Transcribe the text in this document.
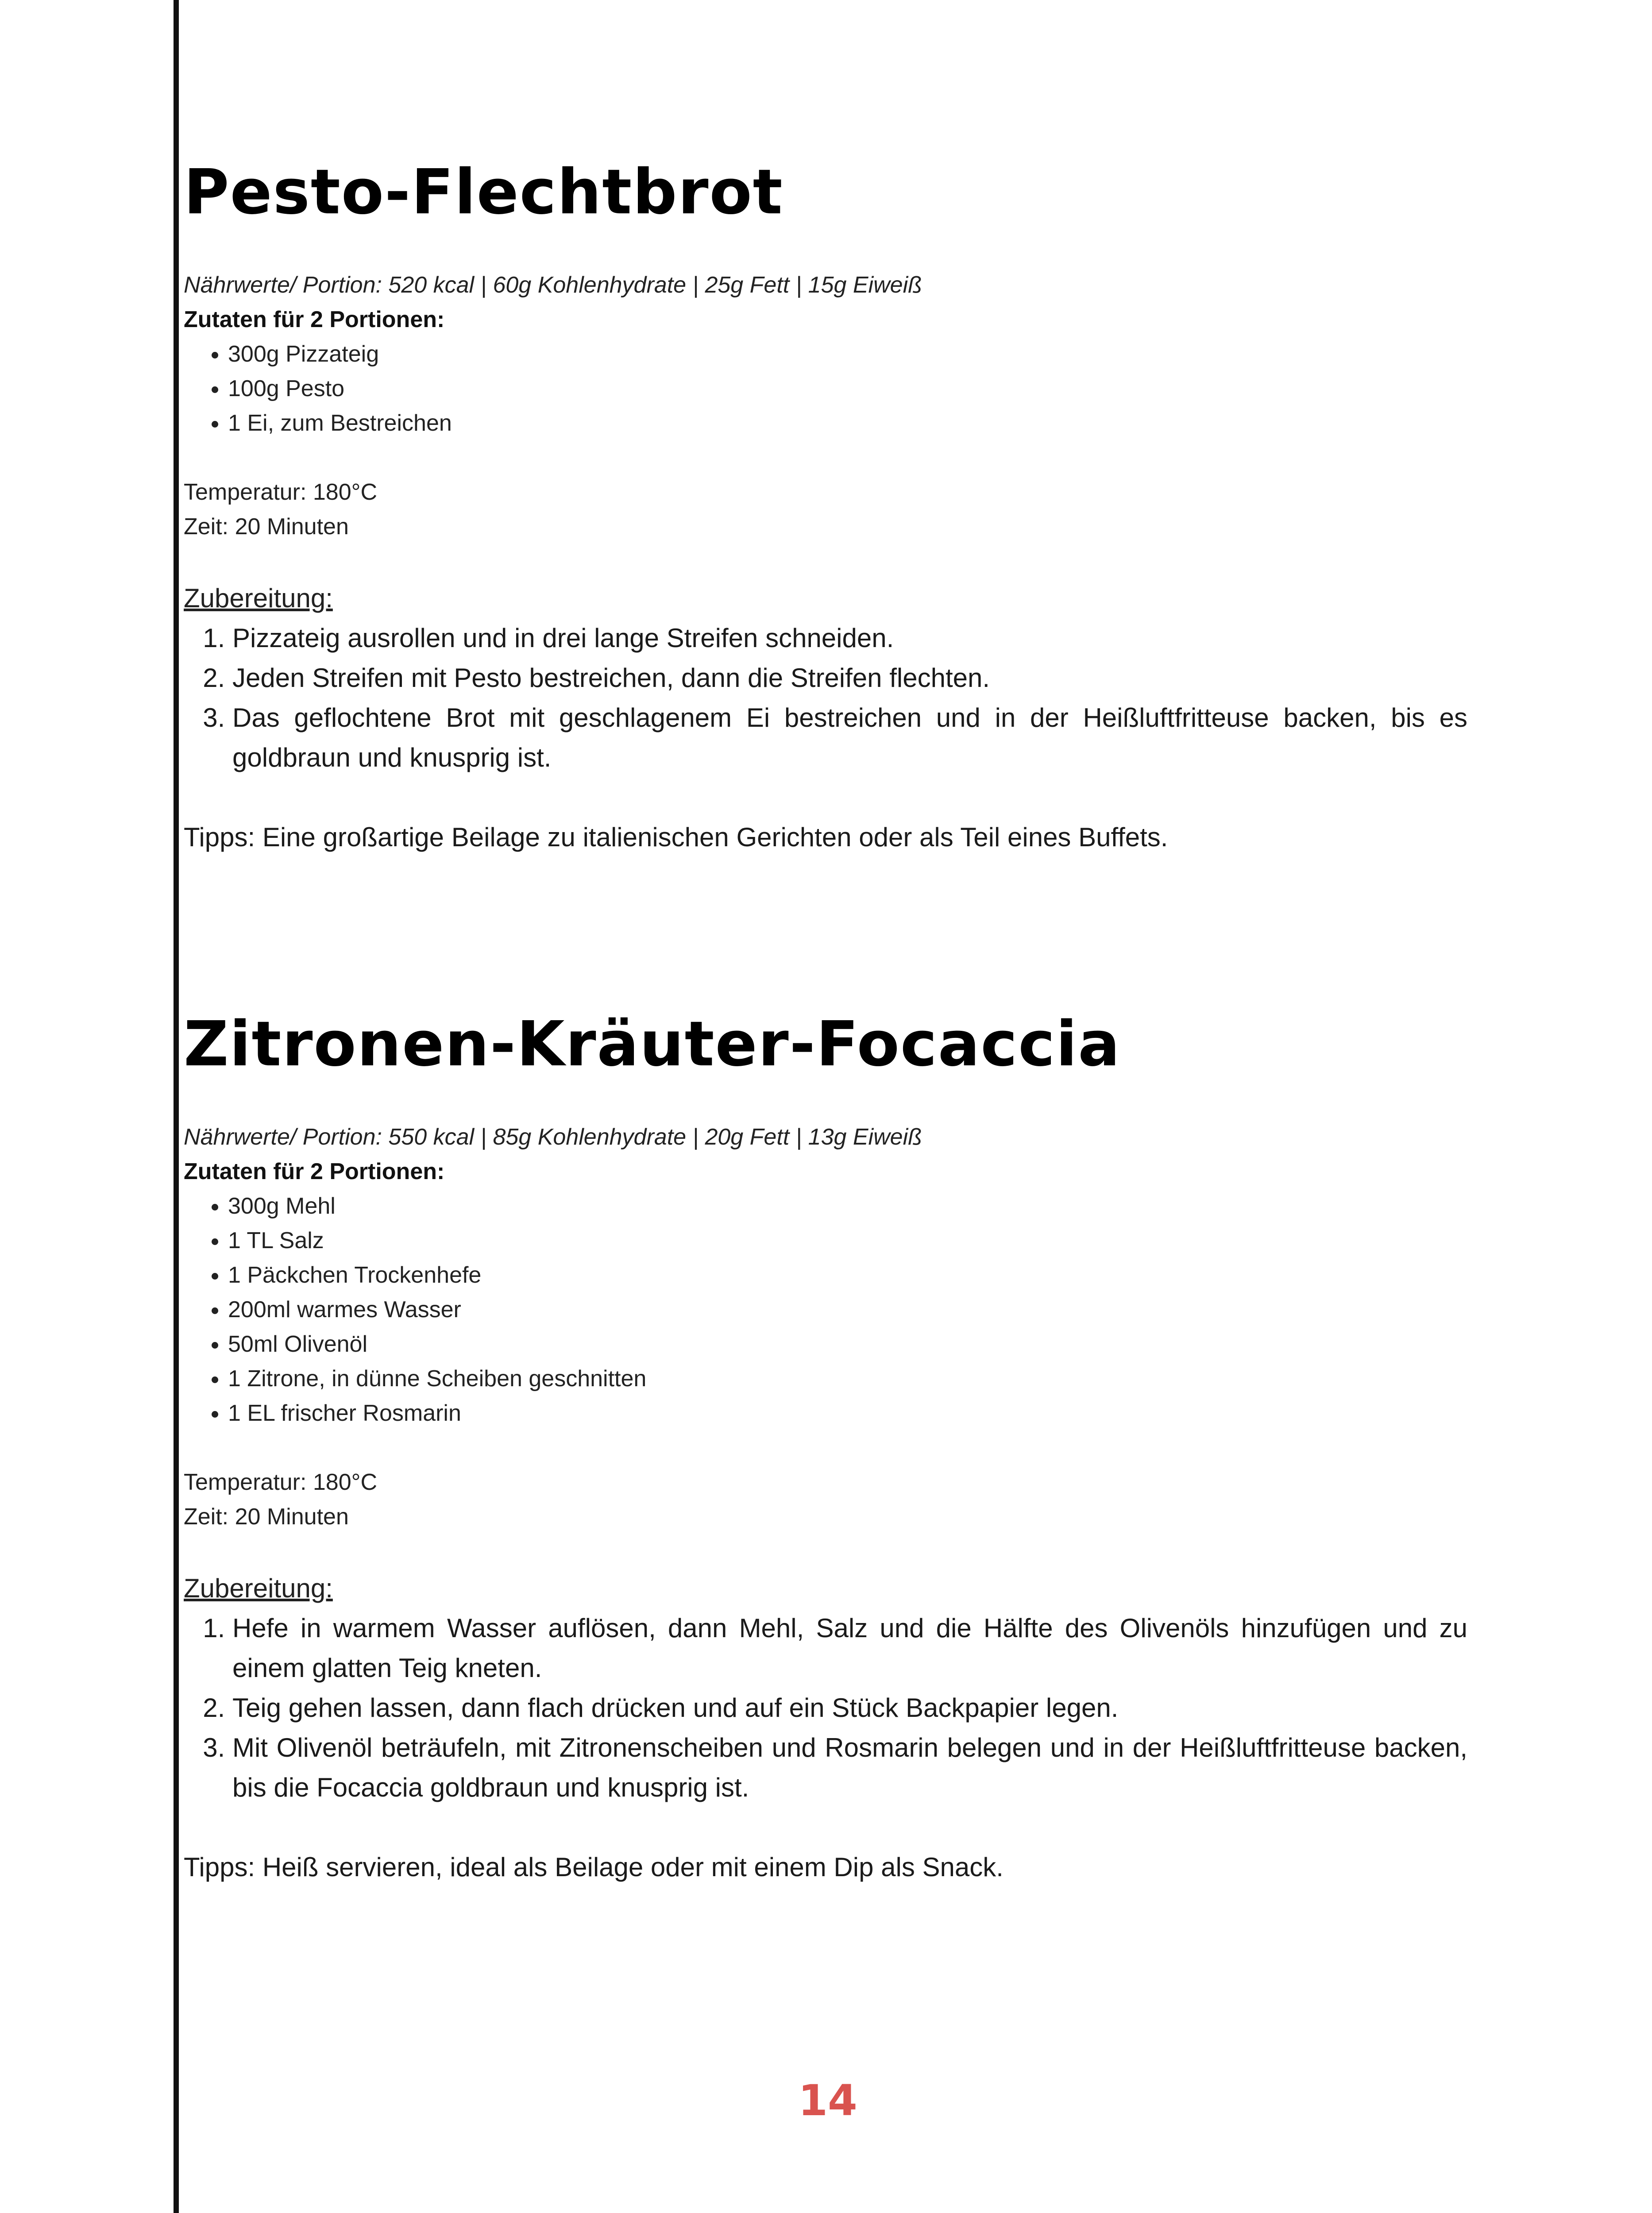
Pesto-Flechtbrot
Nährwerte/ Portion: 520 kcal | 60g Kohlenhydrate | 25g Fett | 15g Eiweiß
Zutaten für 2 Portionen:
• 300g Pizzateig
• 100g Pesto
• 1 Ei, zum Bestreichen
Temperatur: 180°C
Zeit: 20 Minuten
Zubereitung:
1. Pizzateig ausrollen und in drei lange Streifen schneiden.
2. Jeden Streifen mit Pesto bestreichen, dann die Streifen flechten.
3. Das geflochtene Brot mit geschlagenem Ei bestreichen und in der Heißluftfritteuse backen, bis es goldbraun und knusprig ist.
Tipps: Eine großartige Beilage zu italienischen Gerichten oder als Teil eines Buffets.
Zitronen-Kräuter-Focaccia
Nährwerte/ Portion: 550 kcal | 85g Kohlenhydrate | 20g Fett | 13g Eiweiß
Zutaten für 2 Portionen:
• 300g Mehl
• 1 TL Salz
• 1 Päckchen Trockenhefe
• 200ml warmes Wasser
• 50ml Olivenöl
• 1 Zitrone, in dünne Scheiben geschnitten
• 1 EL frischer Rosmarin
Temperatur: 180°C
Zeit: 20 Minuten
Zubereitung:
1. Hefe in warmem Wasser auflösen, dann Mehl, Salz und die Hälfte des Olivenöls hinzufügen und zu einem glatten Teig kneten.
2. Teig gehen lassen, dann flach drücken und auf ein Stück Backpapier legen.
3. Mit Olivenöl beträufeln, mit Zitronenscheiben und Rosmarin belegen und in der Heißluftfritteuse backen, bis die Focaccia goldbraun und knusprig ist.
Tipps: Heiß servieren, ideal als Beilage oder mit einem Dip als Snack.
14
